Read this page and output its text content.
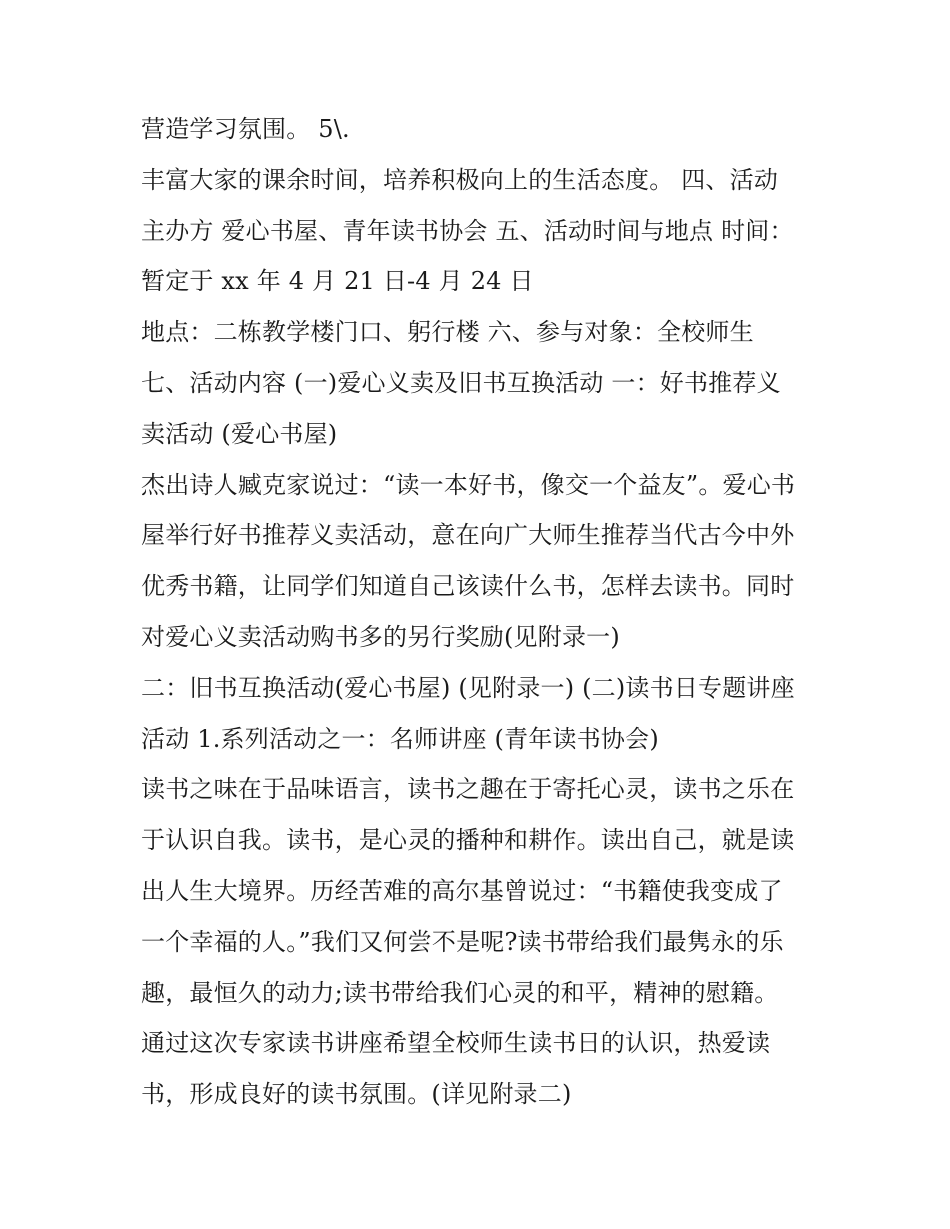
营造学习氛围。 5\.
丰富大家的课余时间，培养积极向上的生活态度。 四、活动
主办方 爱心书屋、青年读书协会 五、活动时间与地点 时间：
暂定于 xx 年 4 月 21 日-4 月 24 日
地点：二栋教学楼门口、躬行楼 六、参与对象：全校师生
七、活动内容 (一)爱心义卖及旧书互换活动 一：好书推荐义
卖活动 (爱心书屋)
杰出诗人臧克家说过：“读一本好书，像交一个益友”。爱心书
屋举行好书推荐义卖活动，意在向广大师生推荐当代古今中外
优秀书籍，让同学们知道自己该读什么书，怎样去读书。同时
对爱心义卖活动购书多的另行奖励(见附录一)
二：旧书互换活动(爱心书屋) (见附录一) (二)读书日专题讲座
活动 1.系列活动之一：名师讲座 (青年读书协会)
读书之味在于品味语言，读书之趣在于寄托心灵，读书之乐在
于认识自我。读书，是心灵的播种和耕作。读出自己，就是读
出人生大境界。历经苦难的高尔基曾说过：“书籍使我变成了
一个幸福的人。”我们又何尝不是呢?读书带给我们最隽永的乐
趣，最恒久的动力;读书带给我们心灵的和平，精神的慰籍。
通过这次专家读书讲座希望全校师生读书日的认识，热爱读
书，形成良好的读书氛围。(详见附录二)
